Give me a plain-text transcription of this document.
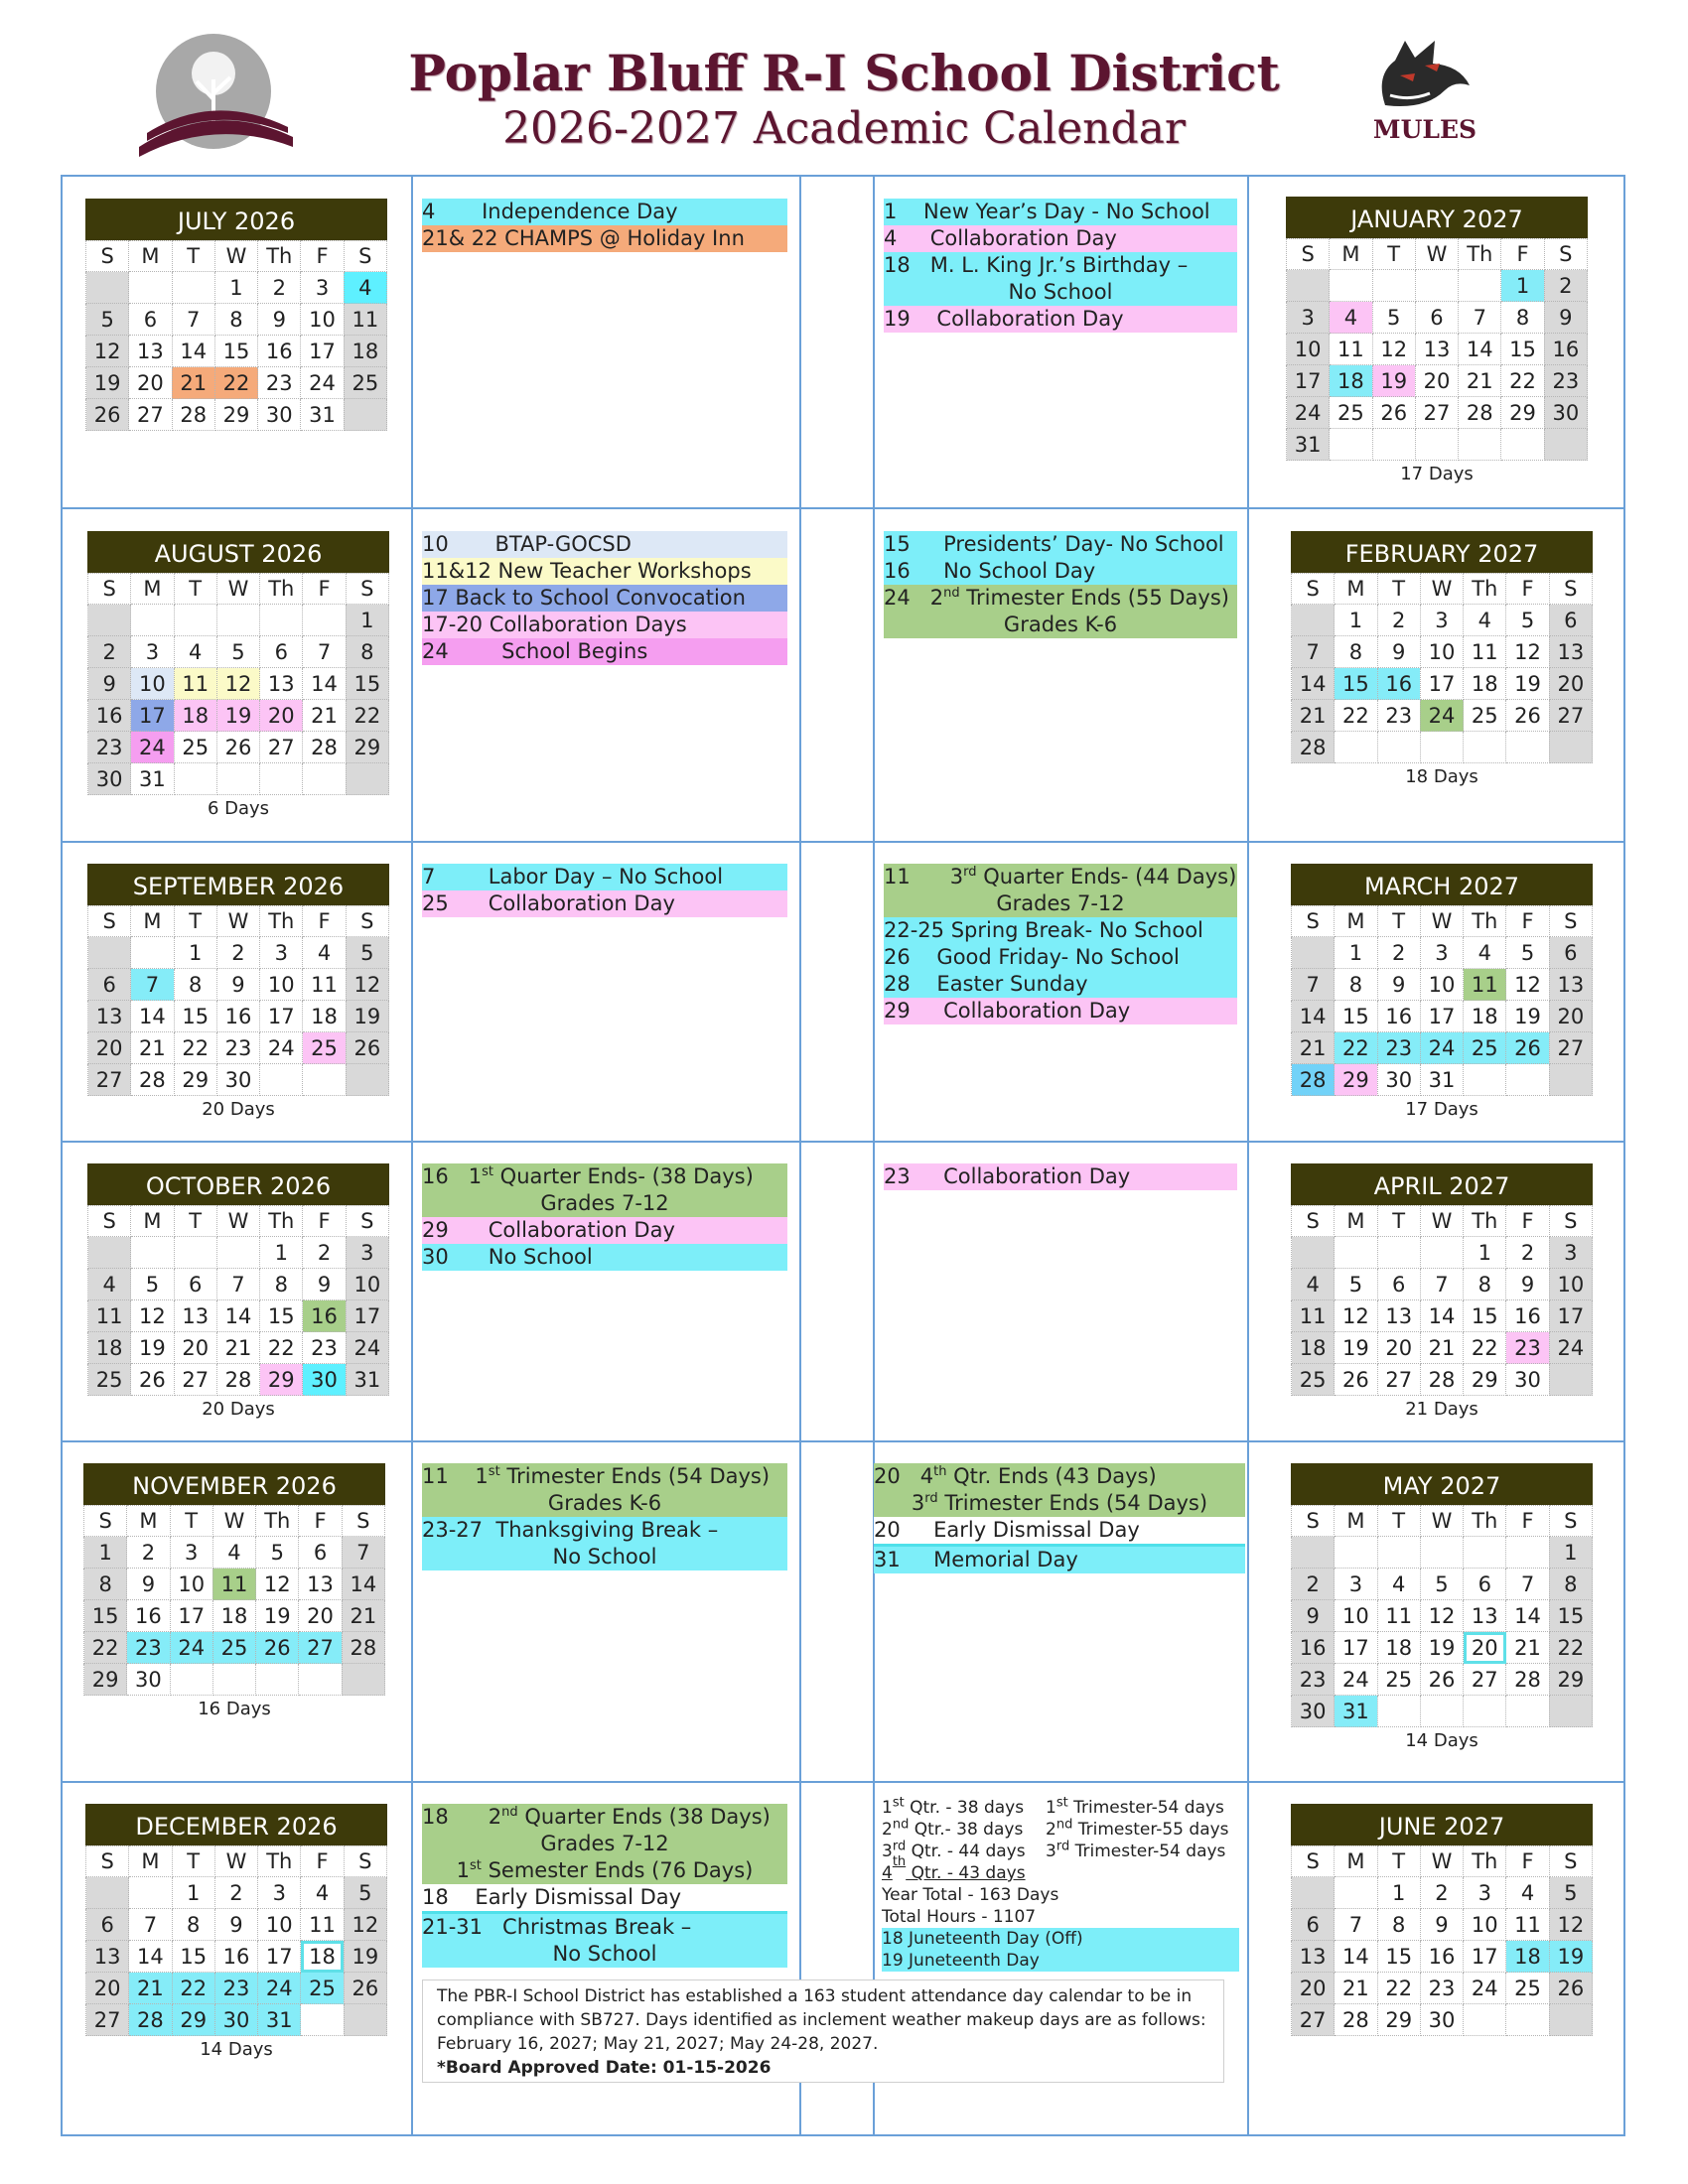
Poplar Bluff R-I School District
2026-2027 Academic Calendar	MULES
JULY 2026
S	M	T	W	Th	F	S
			1	2	3	4
5	6	7	8	9	10	11
12	13	14	15	16	17	18
19	20	21	22	23	24	25
26	27	28	29	30	31	
AUGUST 2026
S	M	T	W	Th	F	S
						1
2	3	4	5	6	7	8
9	10	11	12	13	14	15
16	17	18	19	20	21	22
23	24	25	26	27	28	29
30	31					
6 Days
SEPTEMBER 2026
S	M	T	W	Th	F	S
		1	2	3	4	5
6	7	8	9	10	11	12
13	14	15	16	17	18	19
20	21	22	23	24	25	26
27	28	29	30			
20 Days
OCTOBER 2026
S	M	T	W	Th	F	S
				1	2	3
4	5	6	7	8	9	10
11	12	13	14	15	16	17
18	19	20	21	22	23	24
25	26	27	28	29	30	31
20 Days
NOVEMBER 2026
S	M	T	W	Th	F	S
1	2	3	4	5	6	7
8	9	10	11	12	13	14
15	16	17	18	19	20	21
22	23	24	25	26	27	28
29	30					
16 Days
DECEMBER 2026
S	M	T	W	Th	F	S
		1	2	3	4	5
6	7	8	9	10	11	12
13	14	15	16	17	18	19
20	21	22	23	24	25	26
27	28	29	30	31		
14 Days
JANUARY 2027
S	M	T	W	Th	F	S
					1	2
3	4	5	6	7	8	9
10	11	12	13	14	15	16
17	18	19	20	21	22	23
24	25	26	27	28	29	30
31						
17 Days
FEBRUARY 2027
S	M	T	W	Th	F	S
	1	2	3	4	5	6
7	8	9	10	11	12	13
14	15	16	17	18	19	20
21	22	23	24	25	26	27
28						
18 Days
MARCH 2027
S	M	T	W	Th	F	S
	1	2	3	4	5	6
7	8	9	10	11	12	13
14	15	16	17	18	19	20
21	22	23	24	25	26	27
28	29	30	31			
17 Days
APRIL 2027
S	M	T	W	Th	F	S
				1	2	3
4	5	6	7	8	9	10
11	12	13	14	15	16	17
18	19	20	21	22	23	24
25	26	27	28	29	30	
21 Days
MAY 2027
S	M	T	W	Th	F	S
						1
2	3	4	5	6	7	8
9	10	11	12	13	14	15
16	17	18	19	20	21	22
23	24	25	26	27	28	29
30	31					
14 Days
JUNE 2027
S	M	T	W	Th	F	S
		1	2	3	4	5
6	7	8	9	10	11	12
13	14	15	16	17	18	19
20	21	22	23	24	25	26
27	28	29	30			
4       Independence Day
21& 22 CHAMPS @ Holiday Inn
10       BTAP-GOCSD
11&12 New Teacher Workshops
17 Back to School Convocation
17-20 Collaboration Days
24        School Begins
7        Labor Day – No School
25      Collaboration Day
16   1st Quarter Ends- (38 Days)
Grades 7-12
29      Collaboration Day
30      No School
11    1st Trimester Ends (54 Days)
Grades K-6
23-27  Thanksgiving Break –
No School
18      2nd Quarter Ends (38 Days)
Grades 7-12
1st Semester Ends (76 Days)
18    Early Dismissal Day
21-31   Christmas Break –
No School
1    New Year’s Day - No School
4     Collaboration Day
18   M. L. King Jr.’s Birthday –
No School
19    Collaboration Day
15     Presidents’ Day- No School
16     No School Day
24   2nd Trimester Ends (55 Days)
Grades K-6
11      3rd Quarter Ends- (44 Days)
Grades 7-12
22-25 Spring Break- No School
26    Good Friday- No School
28    Easter Sunday
29     Collaboration Day
23     Collaboration Day
20   4th Qtr. Ends (43 Days)
3rd Trimester Ends (54 Days)
20     Early Dismissal Day
31     Memorial Day
1st Qtr. - 38 days	1st Trimester-54 days
2nd Qtr.- 38 days	2nd Trimester-55 days
3rd Qtr. - 44 days	3rd Trimester-54 days
4
th
Qtr. - 43 days
Year Total - 163 Days
Total Hours - 1107
18 Juneteenth Day (Off)
19 Juneteenth Day
The PBR-I School District has established a 163 student attendance day calendar to be in compliance with SB727. Days identified as inclement weather makeup days are as follows: February 16, 2027; May 21, 2027; May 24-28, 2027.
*Board Approved Date: 01-15-2026
